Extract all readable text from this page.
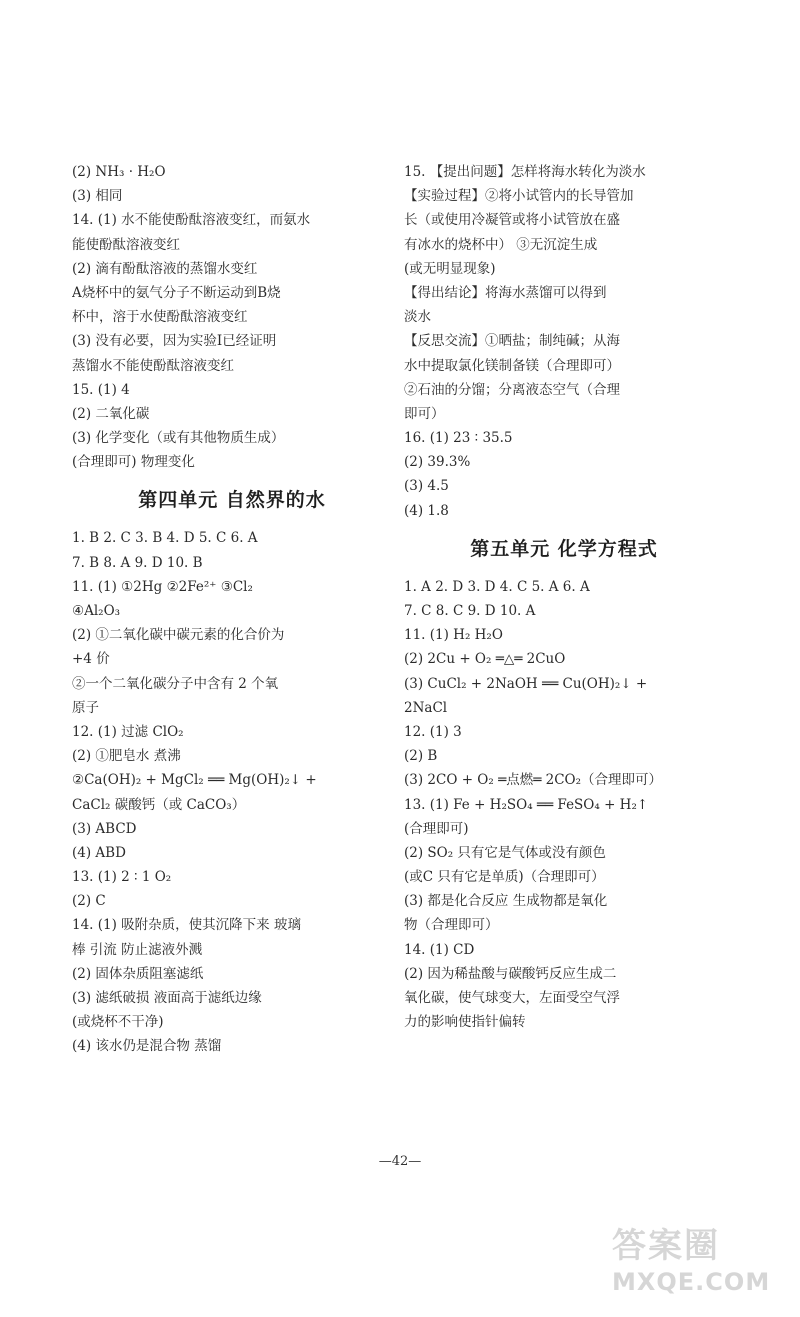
(2) NH₃ · H₂O
(3) 相同
14. (1) 水不能使酚酞溶液变红，而氨水
能使酚酞溶液变红
(2) 滴有酚酞溶液的蒸馏水变红
A烧杯中的氨气分子不断运动到B烧
杯中，溶于水使酚酞溶液变红
(3) 没有必要，因为实验Ⅰ已经证明
蒸馏水不能使酚酞溶液变红
15. (1) 4
(2) 二氧化碳
(3) 化学变化（或有其他物质生成）
(合理即可) 物理变化
第四单元 自然界的水
1. B 2. C 3. B 4. D 5. C 6. A
7. B 8. A 9. D 10. B
11. (1) ①2Hg ②2Fe²⁺ ③Cl₂
④Al₂O₃
(2) ①二氧化碳中碳元素的化合价为
+4 价
②一个二氧化碳分子中含有 2 个氧
原子
12. (1) 过滤 ClO₂
(2) ①肥皂水 煮沸
②Ca(OH)₂ + MgCl₂ ══ Mg(OH)₂↓ +
CaCl₂ 碳酸钙（或 CaCO₃）
(3) ABCD
(4) ABD
13. (1) 2 ∶ 1 O₂
(2) C
14. (1) 吸附杂质，使其沉降下来 玻璃
棒 引流 防止滤液外溅
(2) 固体杂质阻塞滤纸
(3) 滤纸破损 液面高于滤纸边缘
(或烧杯不干净)
(4) 该水仍是混合物 蒸馏
15. 【提出问题】怎样将海水转化为淡水
【实验过程】②将小试管内的长导管加
长（或使用冷凝管或将小试管放在盛
有冰水的烧杯中） ③无沉淀生成
(或无明显现象)
【得出结论】将海水蒸馏可以得到
淡水
【反思交流】①晒盐；制纯碱；从海
水中提取氯化镁制备镁（合理即可）
②石油的分馏；分离液态空气（合理
即可）
16. (1) 23 ∶ 35.5
(2) 39.3%
(3) 4.5
(4) 1.8
第五单元 化学方程式
1. A 2. D 3. D 4. C 5. A 6. A
7. C 8. C 9. D 10. A
11. (1) H₂ H₂O
(2) 2Cu + O₂ ═△═ 2CuO
(3) CuCl₂ + 2NaOH ══ Cu(OH)₂↓ +
2NaCl
12. (1) 3
(2) B
(3) 2CO + O₂ ═点燃═ 2CO₂（合理即可）
13. (1) Fe + H₂SO₄ ══ FeSO₄ + H₂↑
(合理即可)
(2) SO₂ 只有它是气体或没有颜色
(或C 只有它是单质)（合理即可）
(3) 都是化合反应 生成物都是氧化
物（合理即可）
14. (1) CD
(2) 因为稀盐酸与碳酸钙反应生成二
氧化碳，使气球变大，左面受空气浮
力的影响使指针偏转
—42—
答案圈
MXQE.COM
